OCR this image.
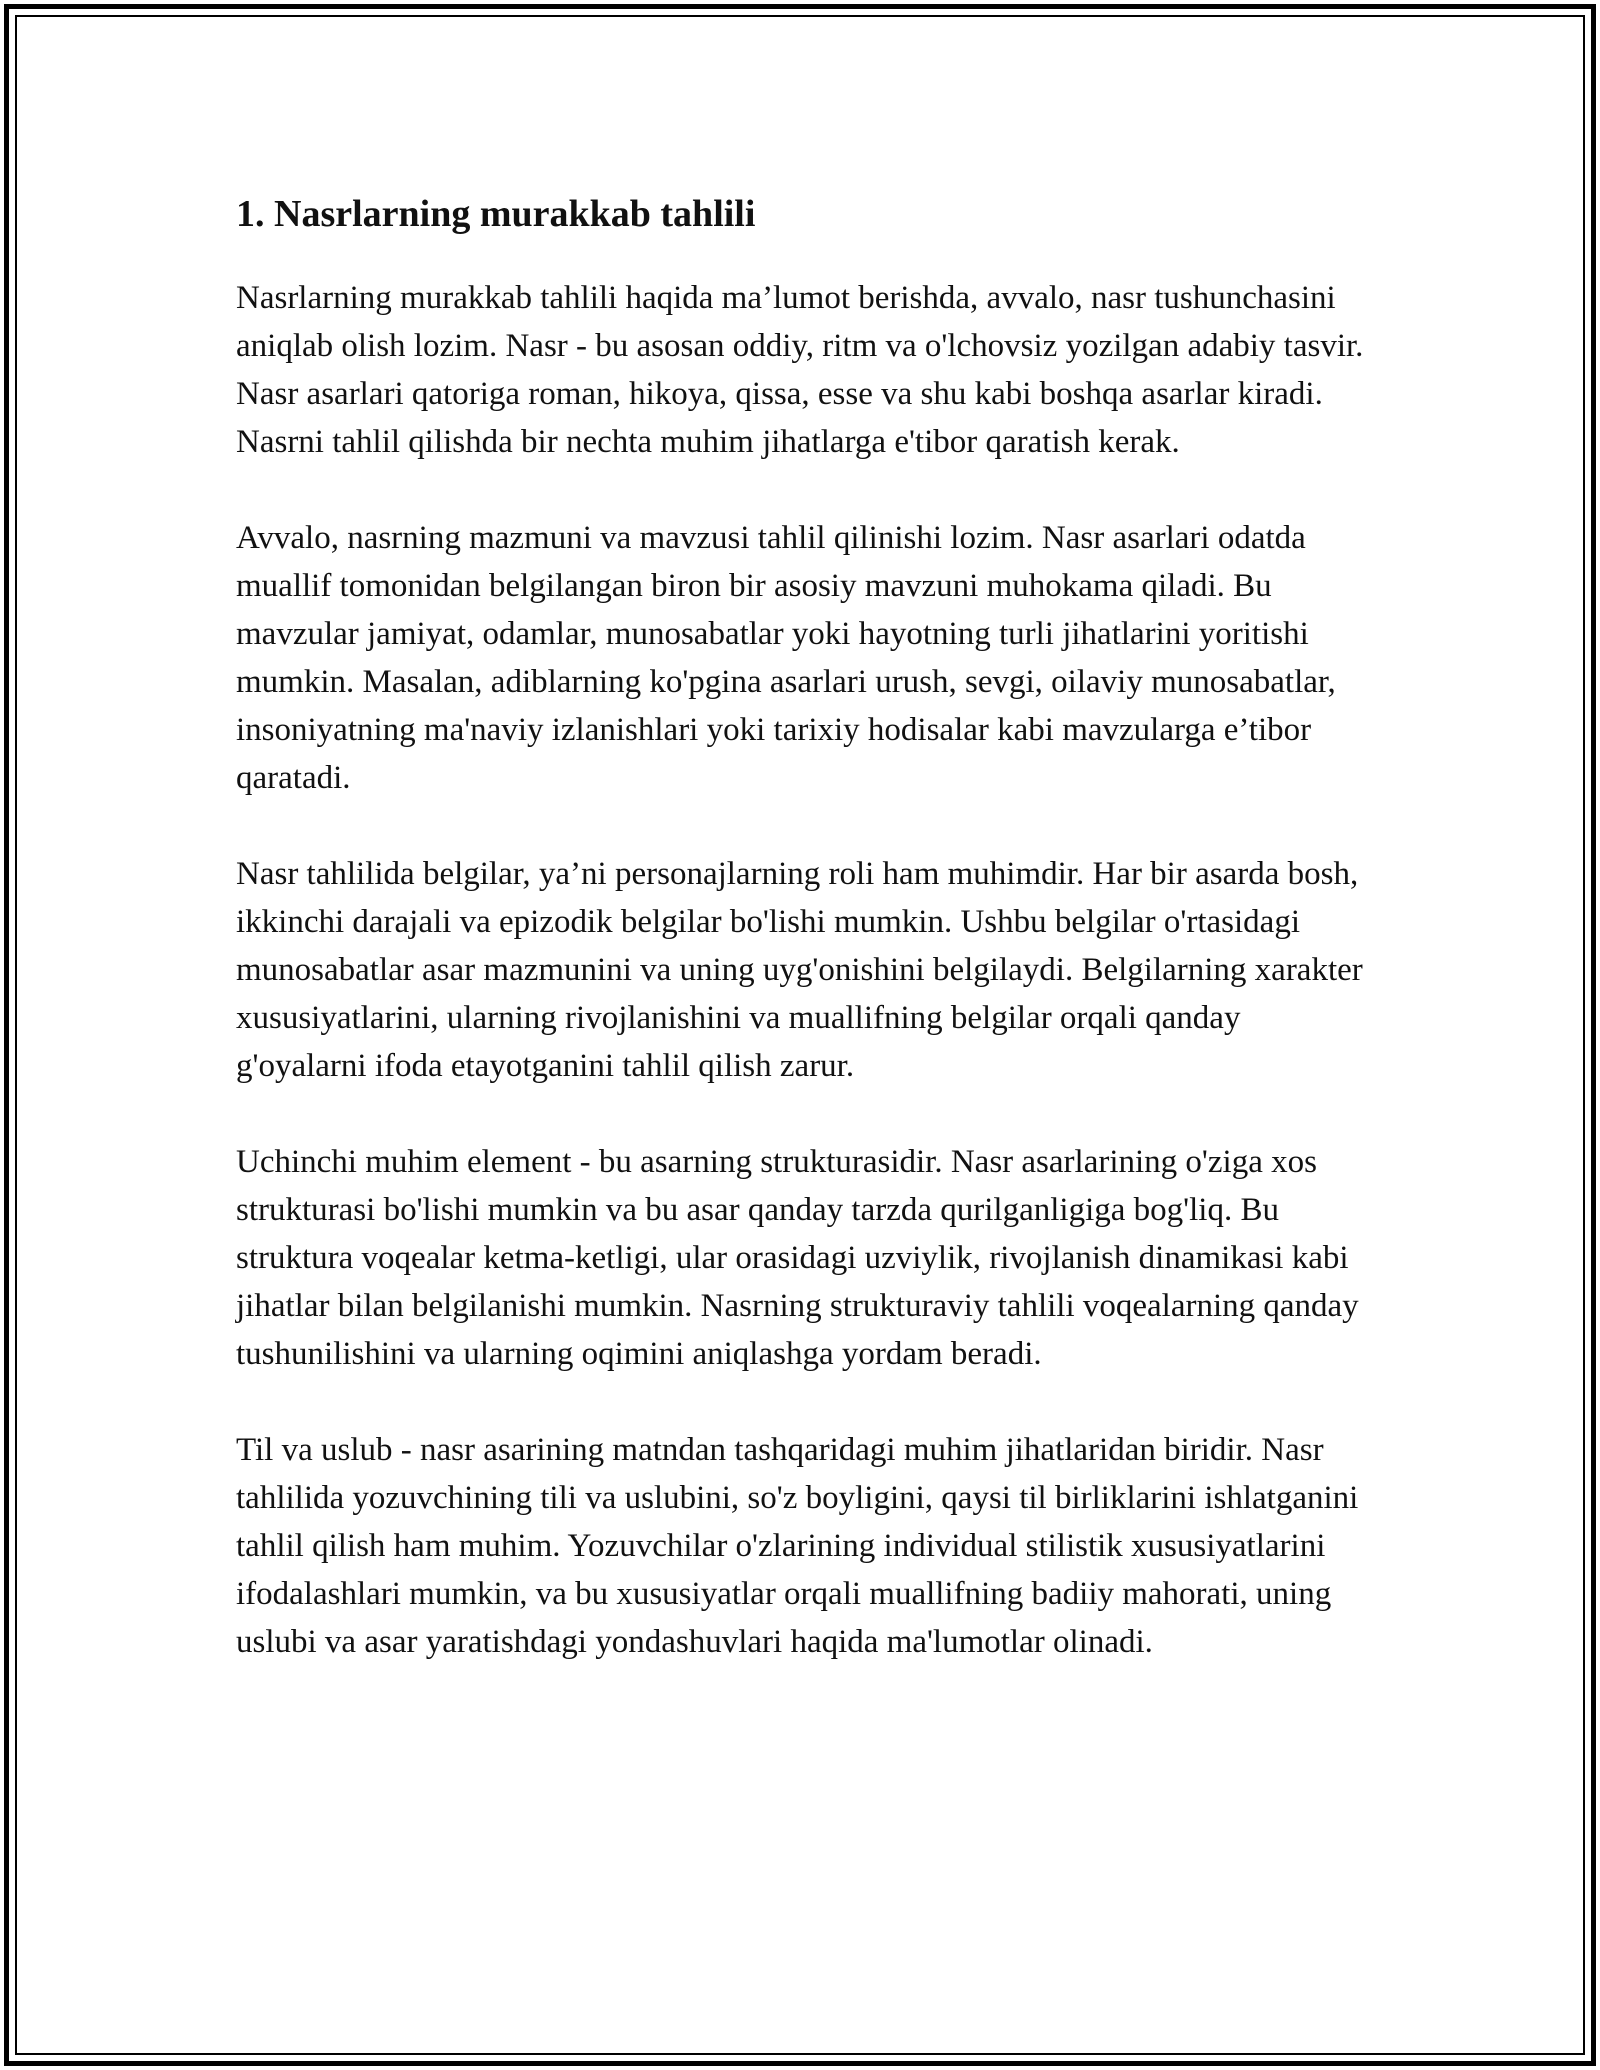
1. Nasrlarning murakkab tahlili

Nasrlarning murakkab tahlili haqida ma’lumot berishda, avvalo, nasr tushunchasini aniqlab olish lozim. Nasr - bu asosan oddiy, ritm va o'lchovsiz yozilgan adabiy tasvir. Nasr asarlari qatoriga roman, hikoya, qissa, esse va shu kabi boshqa asarlar kiradi. Nasrni tahlil qilishda bir nechta muhim jihatlarga e'tibor qaratish kerak.

Avvalo, nasrning mazmuni va mavzusi tahlil qilinishi lozim. Nasr asarlari odatda muallif tomonidan belgilangan biron bir asosiy mavzuni muhokama qiladi. Bu mavzular jamiyat, odamlar, munosabatlar yoki hayotning turli jihatlarini yoritishi mumkin. Masalan, adiblarning ko'pgina asarlari urush, sevgi, oilaviy munosabatlar, insoniyatning ma'naviy izlanishlari yoki tarixiy hodisalar kabi mavzularga e’tibor qaratadi.

Nasr tahlilida belgilar, ya’ni personajlarning roli ham muhimdir. Har bir asarda bosh, ikkinchi darajali va epizodik belgilar bo'lishi mumkin. Ushbu belgilar o'rtasidagi munosabatlar asar mazmunini va uning uyg'onishini belgilaydi. Belgilarning xarakter xususiyatlarini, ularning rivojlanishini va muallifning belgilar orqali qanday g'oyalarni ifoda etayotganini tahlil qilish zarur.

Uchinchi muhim element - bu asarning strukturasidir. Nasr asarlarining o'ziga xos strukturasi bo'lishi mumkin va bu asar qanday tarzda qurilganligiga bog'liq. Bu struktura voqealar ketma-ketligi, ular orasidagi uzviylik, rivojlanish dinamikasi kabi jihatlar bilan belgilanishi mumkin. Nasrning strukturaviy tahlili voqealarning qanday tushunilishini va ularning oqimini aniqlashga yordam beradi.

Til va uslub - nasr asarining matndan tashqaridagi muhim jihatlaridan biridir. Nasr tahlilida yozuvchining tili va uslubini, so'z boyligini, qaysi til birliklarini ishlatganini tahlil qilish ham muhim. Yozuvchilar o'zlarining individual stilistik xususiyatlarini ifodalashlari mumkin, va bu xususiyatlar orqali muallifning badiiy mahorati, uning uslubi va asar yaratishdagi yondashuvlari haqida ma'lumotlar olinadi.
